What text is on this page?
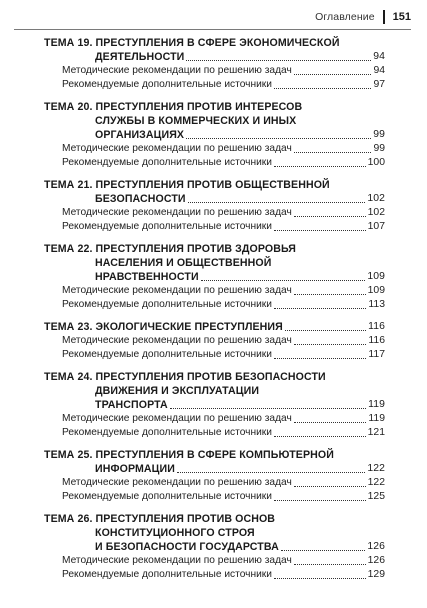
Оглавление 151
ТЕМА 19. ПРЕСТУПЛЕНИЯ В СФЕРЕ ЭКОНОМИЧЕСКОЙ
ДЕЯТЕЛЬНОСТИ	94
Методические рекомендации по решению задач	94
Рекомендуемые дополнительные источники	97
ТЕМА 20. ПРЕСТУПЛЕНИЯ ПРОТИВ ИНТЕРЕСОВ
СЛУЖБЫ В КОММЕРЧЕСКИХ И ИНЫХ
ОРГАНИЗАЦИЯХ	99
Методические рекомендации по решению задач	99
Рекомендуемые дополнительные источники	100
ТЕМА 21. ПРЕСТУПЛЕНИЯ ПРОТИВ ОБЩЕСТВЕННОЙ
БЕЗОПАСНОСТИ	102
Методические рекомендации по решению задач	102
Рекомендуемые дополнительные источники	107
ТЕМА 22. ПРЕСТУПЛЕНИЯ ПРОТИВ ЗДОРОВЬЯ
НАСЕЛЕНИЯ И ОБЩЕСТВЕННОЙ
НРАВСТВЕННОСТИ	109
Методические рекомендации по решению задач	109
Рекомендуемые дополнительные источники	113
ТЕМА 23. ЭКОЛОГИЧЕСКИЕ ПРЕСТУПЛЕНИЯ	116
Методические рекомендации по решению задач	116
Рекомендуемые дополнительные источники	117
ТЕМА 24. ПРЕСТУПЛЕНИЯ ПРОТИВ БЕЗОПАСНОСТИ
ДВИЖЕНИЯ И ЭКСПЛУАТАЦИИ
ТРАНСПОРТА	119
Методические рекомендации по решению задач	119
Рекомендуемые дополнительные источники	121
ТЕМА 25. ПРЕСТУПЛЕНИЯ В СФЕРЕ КОМПЬЮТЕРНОЙ
ИНФОРМАЦИИ	122
Методические рекомендации по решению задач	122
Рекомендуемые дополнительные источники	125
ТЕМА 26. ПРЕСТУПЛЕНИЯ ПРОТИВ ОСНОВ
КОНСТИТУЦИОННОГО СТРОЯ
И БЕЗОПАСНОСТИ ГОСУДАРСТВА	126
Методические рекомендации по решению задач	126
Рекомендуемые дополнительные источники	129
